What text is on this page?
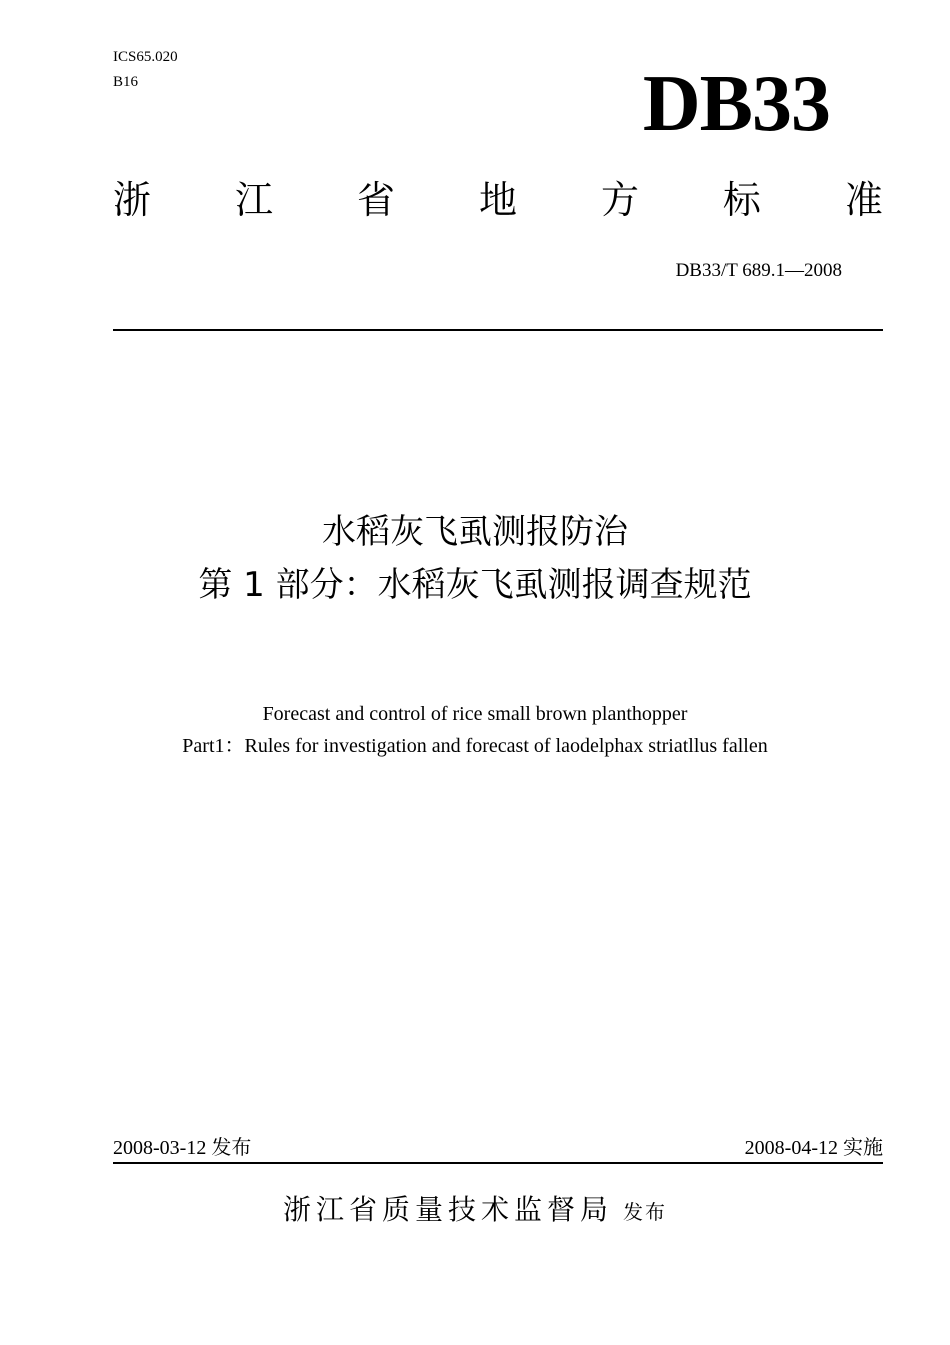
ICS65.020
B16	DB33
浙 江 省 地 方 标 准
DB33/T 689.1—2008
水稻灰飞虱测报防治
第 1 部分：水稻灰飞虱测报调查规范
Forecast and control of rice small brown planthopper
Part1：Rules for investigation and forecast of laodelphax striatllus fallen
2008-03-12 发布	2008-04-12 实施
浙江省质量技术监督局 发布
